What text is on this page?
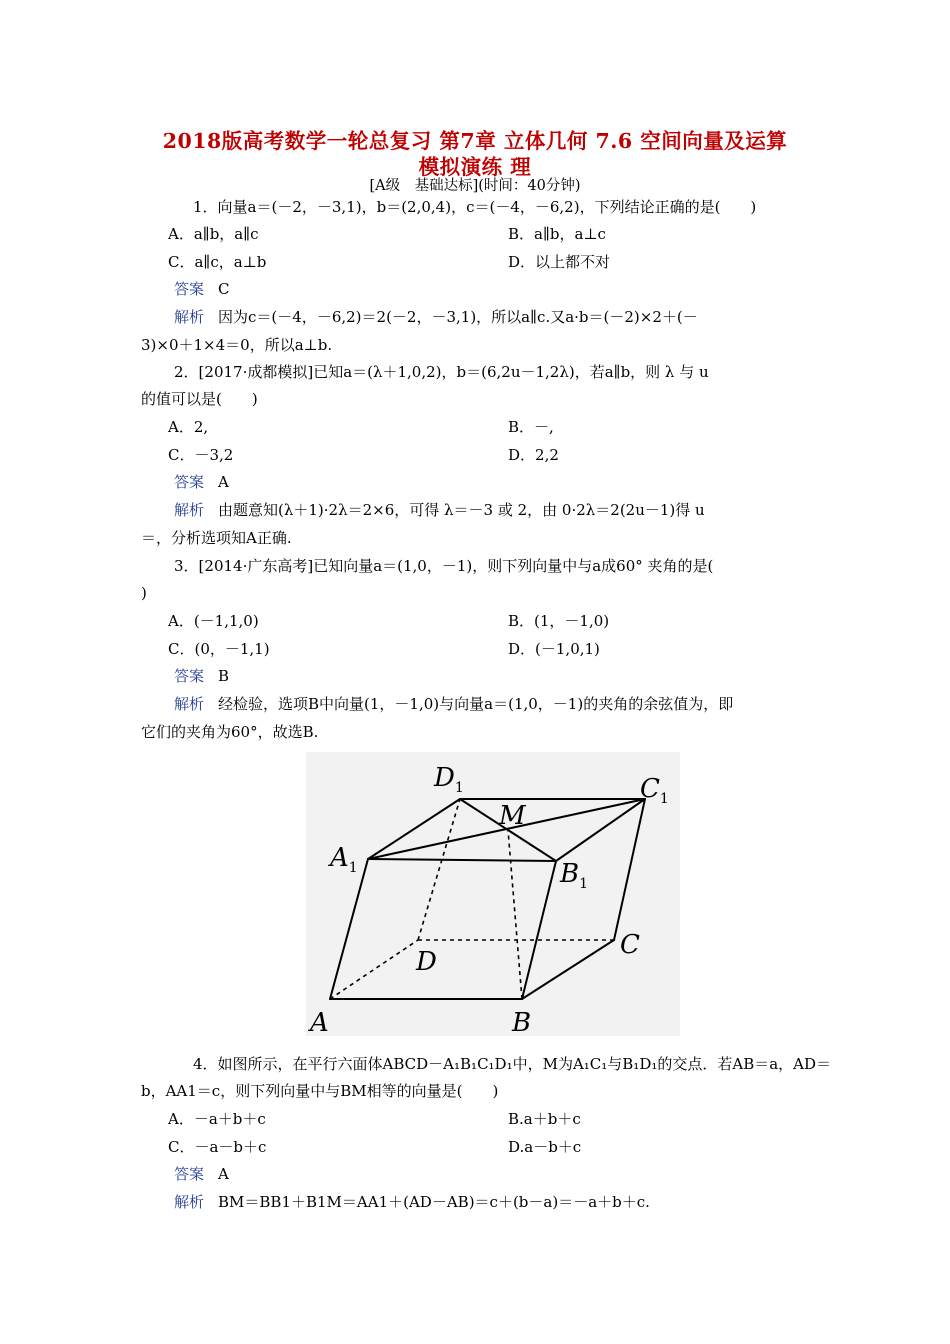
2018版高考数学一轮总复习 第7章 立体几何 7.6 空间向量及运算
模拟演练 理
[A级　基础达标](时间：40分钟)
1．向量a＝(－2，－3,1)，b＝(2,0,4)，c＝(－4，－6,2)，下列结论正确的是(　　)
A．a∥b，a∥c	B．a∥b，a⊥c
C．a∥c，a⊥b	D．以上都不对
答案 C
解析 因为c＝(－4，－6,2)＝2(－2，－3,1)，所以a∥c.又a·b＝(－2)×2＋(－
3)×0＋1×4＝0，所以a⊥b.
2．[2017·成都模拟]已知a＝(λ＋1,0,2)，b＝(6,2u－1,2λ)，若a∥b，则 λ 与 u
的值可以是(　　)
A．2,	B．－,
C．－3,2	D．2,2
答案 A
解析 由题意知(λ＋1)·2λ＝2×6，可得 λ＝－3 或 2，由 0·2λ＝2(2u－1)得 u
＝，分析选项知A正确.
3．[2014·广东高考]已知向量a＝(1,0，－1)，则下列向量中与a成60° 夹角的是(
)
A．(－1,1,0)	B．(1，－1,0)
C．(0，－1,1)	D．(－1,0,1)
答案 B
解析 经检验，选项B中向量(1，－1,0)与向量a＝(1,0，－1)的夹角的余弦值为，即
它们的夹角为60°，故选B.
4．如图所示，在平行六面体ABCD－A₁B₁C₁D₁中，M为A₁C₁与B₁D₁的交点．若AB＝a，AD＝
b，AA1＝c，则下列向量中与BM相等的向量是(　　)
A．－a＋b＋c	B.a＋b＋c
C．－a－b＋c	D.a－b＋c
答案 A
解析 BM＝BB1＋B1M＝AA1＋(AD－AB)＝c＋(b－a)＝－a＋b＋c.
A	B
C
D
A1	B1
C1
D1
M
